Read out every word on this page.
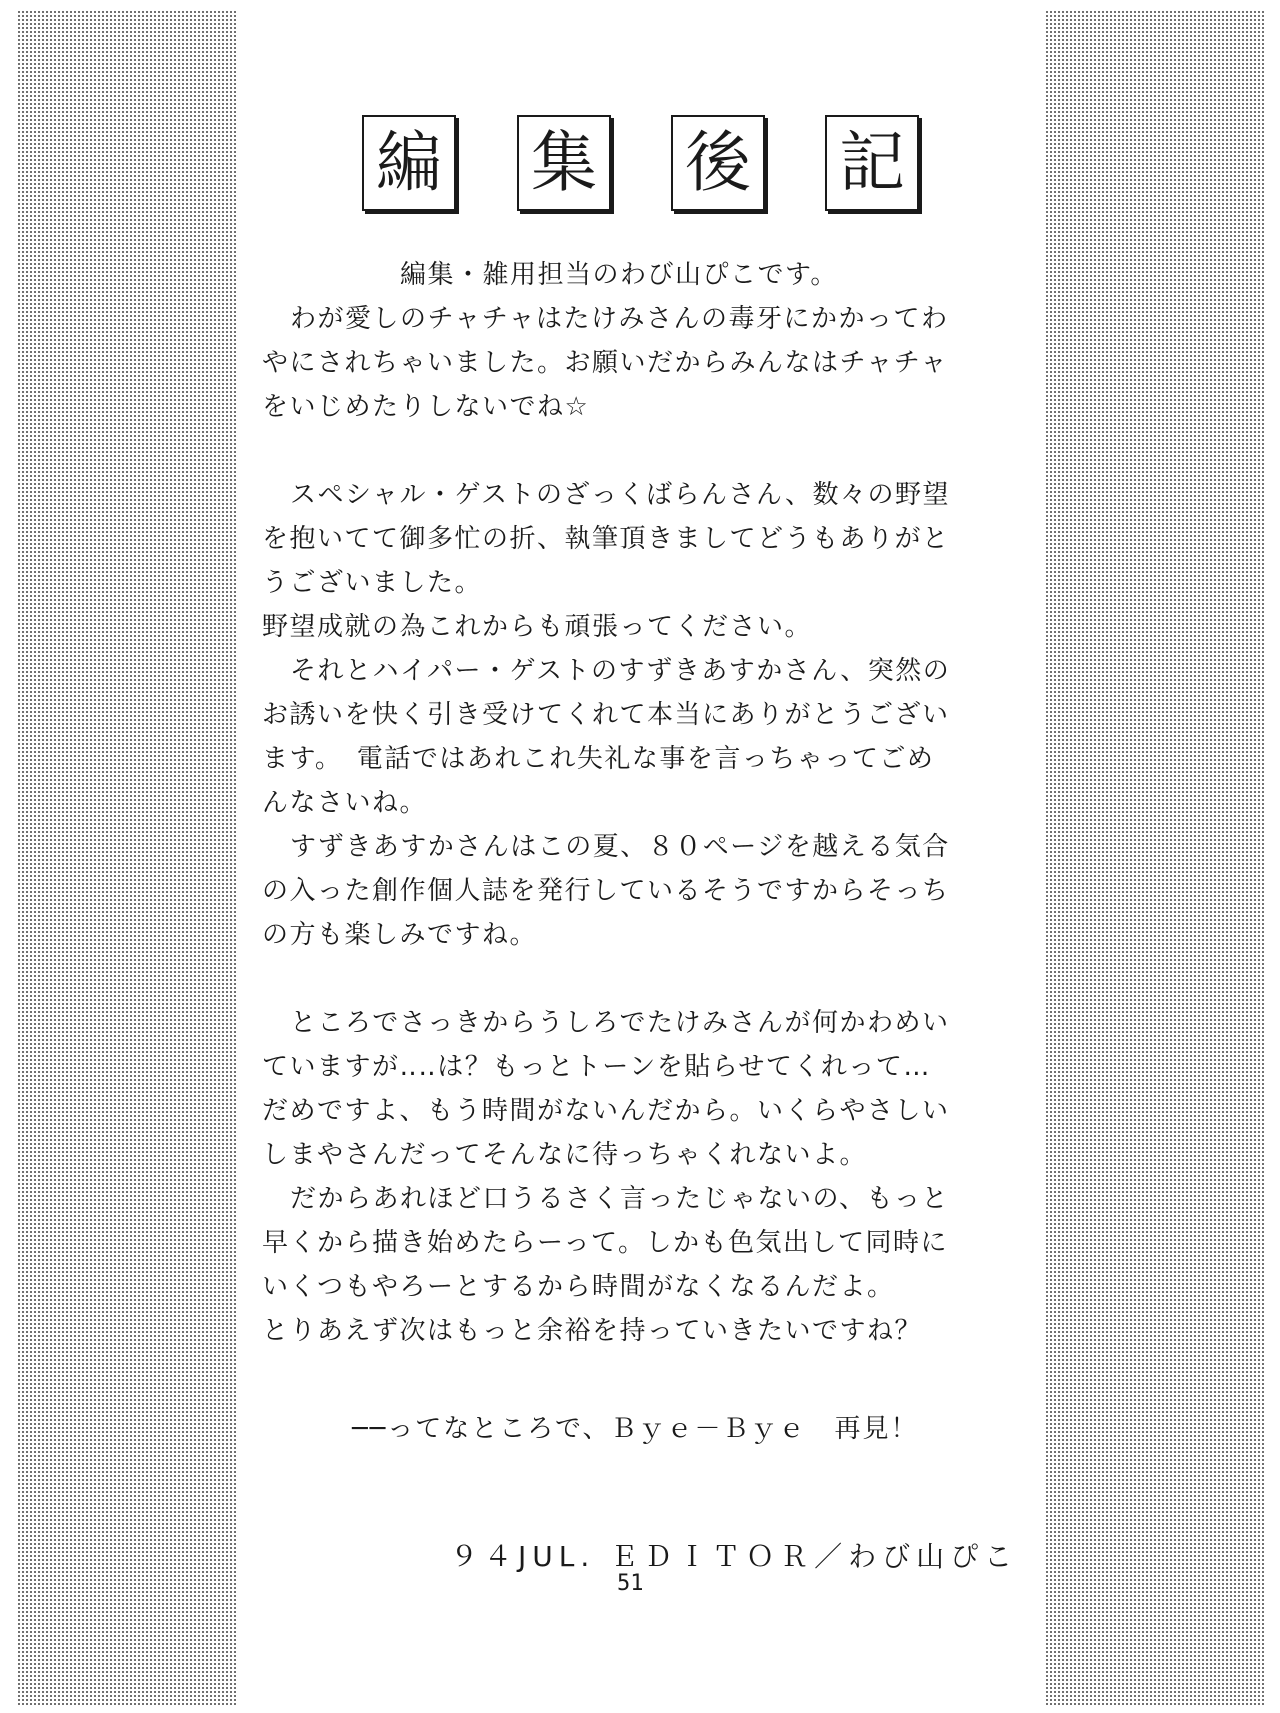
編 集 後 記

編集・雑用担当のわび山ぴこです。

わが愛しのチャチャはたけみさんの毒牙にかかってわ

やにされちゃいました。お願いだからみんなはチャチャ

をいじめたりしないでね☆

スペシャル・ゲストのざっくばらんさん、数々の野望

を抱いてて御多忙の折、執筆頂きましてどうもありがと

うございました。

野望成就の為これからも頑張ってください。

それとハイパー・ゲストのすずきあすかさん、突然の

お誘いを快く引き受けてくれて本当にありがとうござい

ます。　電話ではあれこれ失礼な事を言っちゃってごめ

んなさいね。

すずきあすかさんはこの夏、８０ページを越える気合

の入った創作個人誌を発行しているそうですからそっち

の方も楽しみですね。

ところでさっきからうしろでたけみさんが何かわめい

ていますが‥‥は？もっとトーンを貼らせてくれって…

だめですよ、もう時間がないんだから。いくらやさしい

しまやさんだってそんなに待っちゃくれないよ。

だからあれほど口うるさく言ったじゃないの、もっと

早くから描き始めたらーって。しかも色気出して同時に

いくつもやろーとするから時間がなくなるんだよ。

とりあえず次はもっと余裕を持っていきたいですね？

──ってなところで、Ｂｙｅ－Ｂｙｅ　再見！

９４JUL. ＥＤＩＴＯＲ／わび山ぴこ
51
